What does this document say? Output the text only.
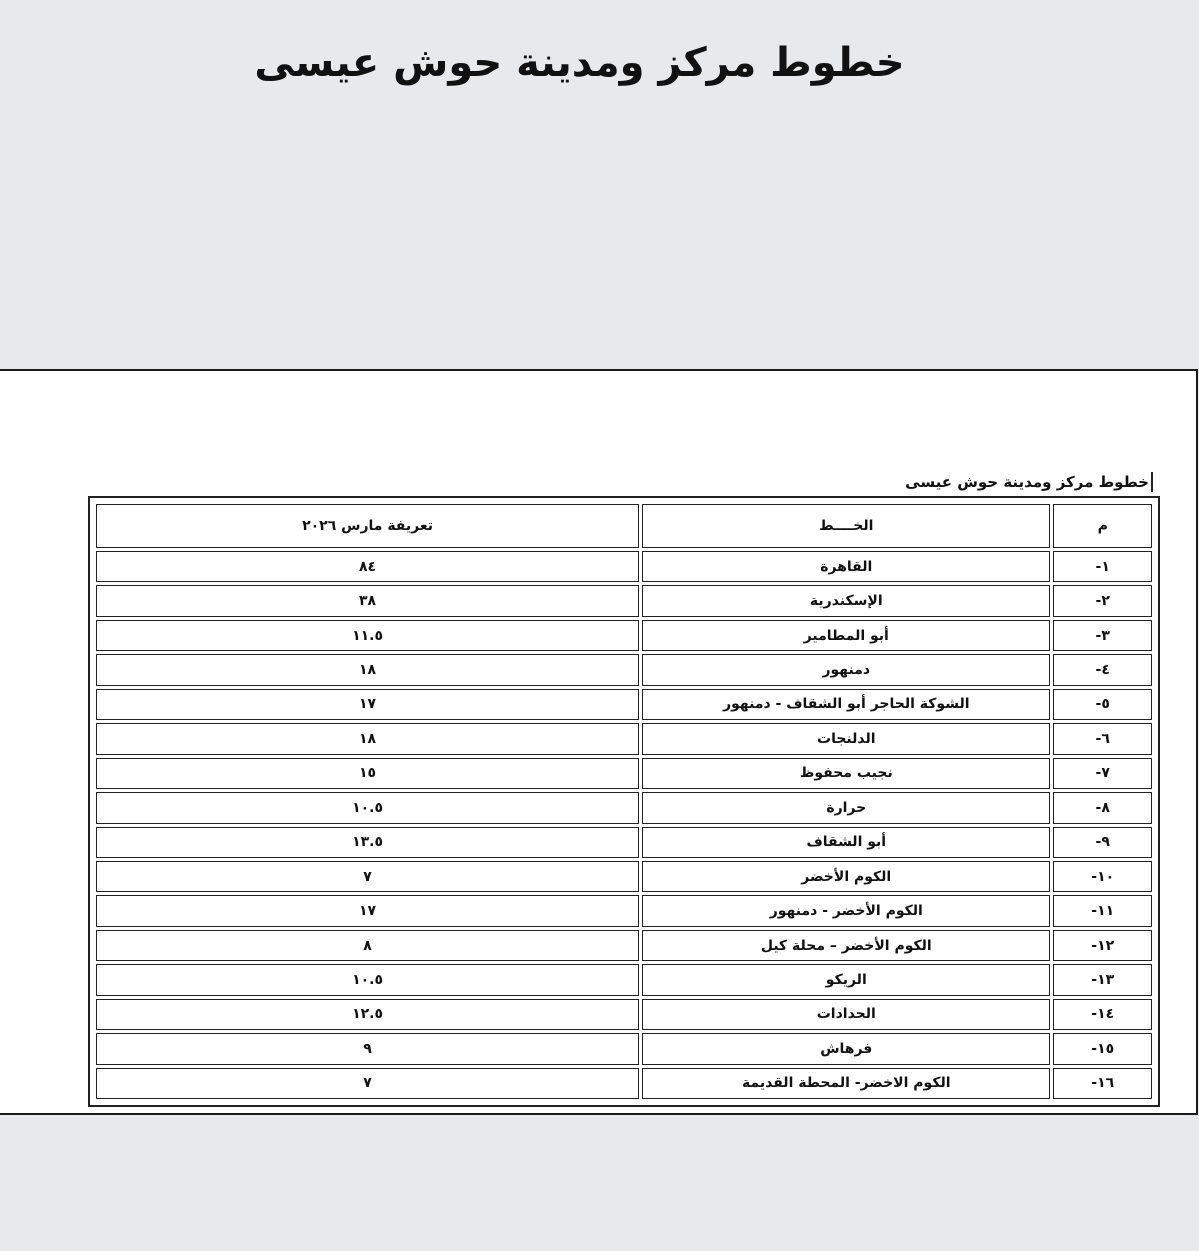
خطوط مركز ومدينة حوش عيسى
خطوط مركز ومدينة حوش عيسى
م	الخــــط	تعريفة مارس ٢٠٢٦
١-	القاهرة	٨٤
٢-	الإسكندرية	٣٨
٣-	أبو المطامير	١١.٥
٤-	دمنهور	١٨
٥-	الشوكة الحاجر أبو الشقاف - دمنهور	١٧
٦-	الدلنجات	١٨
٧-	نجيب محفوظ	١٥
٨-	حرارة	١٠.٥
٩-	أبو الشقاف	١٣.٥
١٠-	الكوم الأخضر	٧
١١-	الكوم الأخضر - دمنهور	١٧
١٢-	الكوم الأخضر – محلة كيل	٨
١٣-	الريكو	١٠.٥
١٤-	الحدادات	١٢.٥
١٥-	فرهاش	٩
١٦-	الكوم الاخضر- المحطة القديمة	٧
